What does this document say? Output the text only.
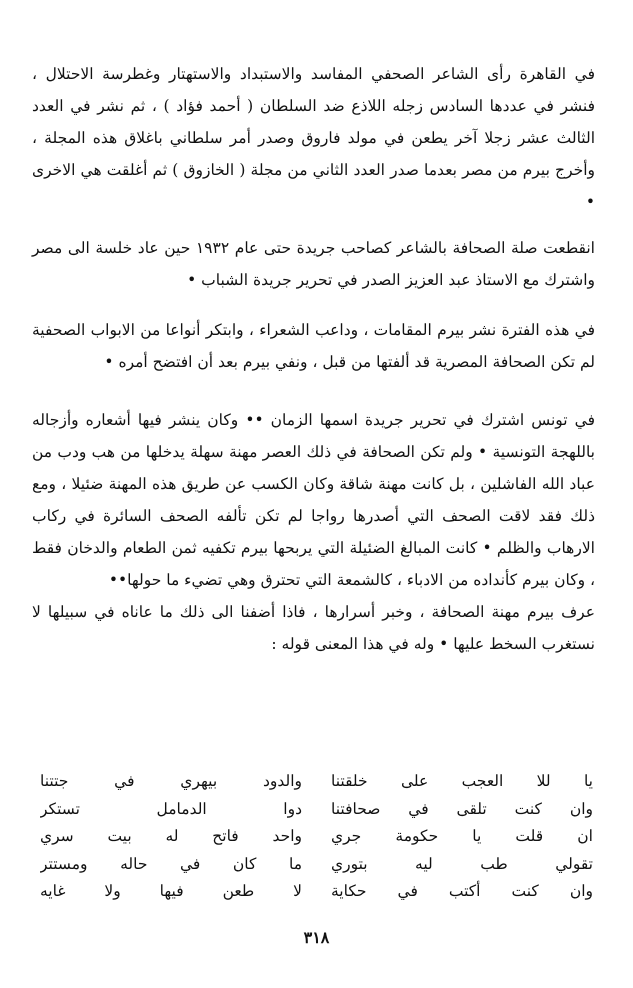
في القاهرة رأى الشاعر الصحفي المفاسد والاستبداد والاستهتار وغطرسة الاحتلال ، فنشر في عددها السادس زجله اللاذع ضد السلطان ( أحمد فؤاد ) ، ثم نشر في العدد الثالث عشر زجلا آخر يطعن في مولد فاروق وصدر أمر سلطاني باغلاق هذه المجلة ، وأخرج بيرم من مصر بعدما صدر العدد الثاني من مجلة ( الخازوق ) ثم أغلقت هي الاخرى •

انقطعت صلة الصحافة بالشاعر كصاحب جريدة حتى عام ١٩٣٢ حين عاد خلسة الى مصر واشترك مع الاستاذ عبد العزيز الصدر في تحرير جريدة الشباب •

في هذه الفترة نشر بيرم المقامات ، وداعب الشعراء ، وابتكر أنواعا من الابواب الصحفية لم تكن الصحافة المصرية قد ألفتها من قبل ، ونفي بيرم بعد أن افتضح أمره •

في تونس اشترك في تحرير جريدة اسمها الزمان •• وكان ينشر فيها أشعاره وأزجاله باللهجة التونسية • ولم تكن الصحافة في ذلك العصر مهنة سهلة يدخلها من هب ودب من عباد الله الفاشلين ، بل كانت مهنة شاقة وكان الكسب عن طريق هذه المهنة ضئيلا ، ومع ذلك فقد لاقت الصحف التي أصدرها رواجا لم تكن تألفه الصحف السائرة في ركاب الارهاب والظلم • كانت المبالغ الضئيلة التي يربحها بيرم تكفيه ثمن الطعام والدخان فقط ، وكان بيرم كأنداده من الادباء ، كالشمعة التي تحترق وهي تضيء ما حولها••

عرف بيرم مهنة الصحافة ، وخبر أسرارها ، فاذا أضفنا الى ذلك ما عاناه في سبيلها لا نستغرب السخط عليها • وله في هذا المعنى قوله :

يا للا العجب على خلقتنا
والدود بيهري في جتتنا
وان كنت تلقى في صحافتنا
دوا الدمامل تستكر
ان قلت يا حكومة جري
واحد فاتح له بيت سري
تقولي طب ليه بتوري
ما كان في حاله ومستتر
وان كنت أكتب في حكاية
لا طعن فيها ولا غايه
٣١٨
